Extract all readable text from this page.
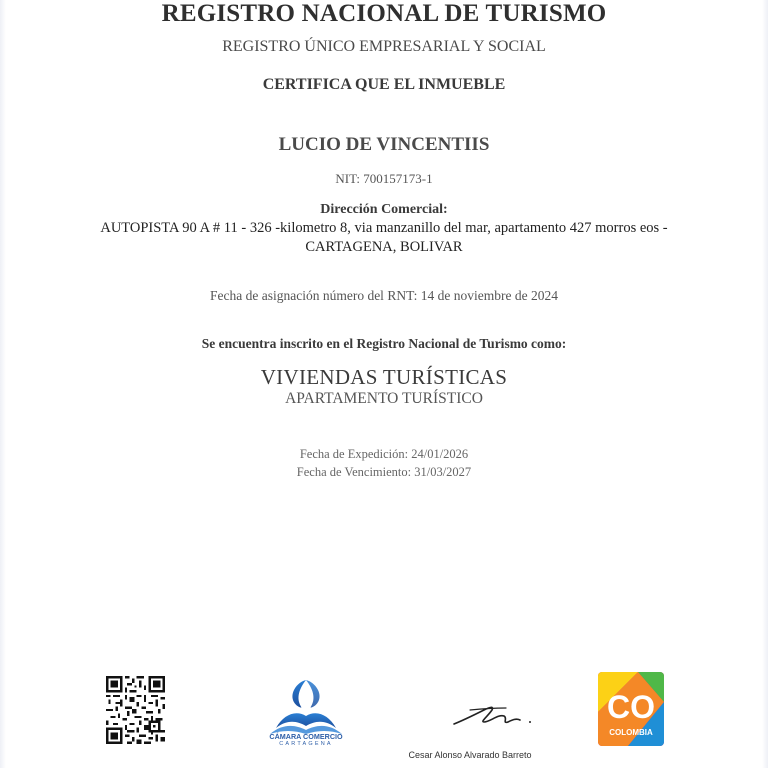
REGISTRO NACIONAL DE TURISMO
REGISTRO ÚNICO EMPRESARIAL Y SOCIAL
CERTIFICA QUE EL INMUEBLE
LUCIO DE VINCENTIIS
NIT: 700157173-1
Dirección Comercial:
AUTOPISTA 90 A # 11 - 326 -kilometro 8, via manzanillo del mar, apartamento 427 morros eos -
CARTAGENA, BOLIVAR
Fecha de asignación número del RNT: 14 de noviembre de 2024
Se encuentra inscrito en el Registro Nacional de Turismo como:
VIVIENDAS TURÍSTICAS
APARTAMENTO TURÍSTICO
Fecha de Expedición: 24/01/2026
Fecha de Vencimiento: 31/03/2027
CÁMARA COMERCIO
CARTAGENA
Cesar Alonso Alvarado Barreto
CO
COLOMBIA
